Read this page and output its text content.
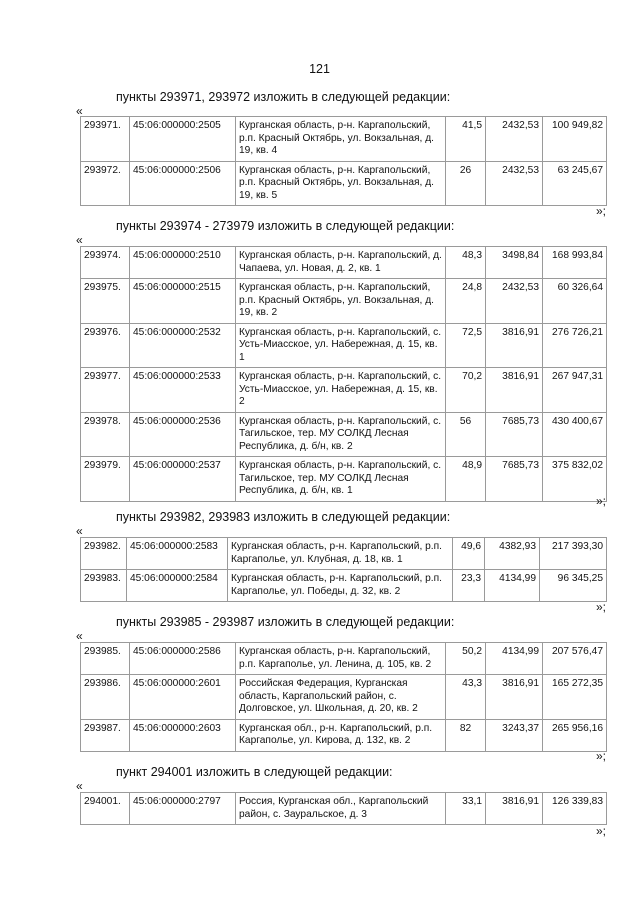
121
пункты 293971, 293972 изложить в следующей редакции:
«
293971.	45:06:000000:2505	Курганская область, р-н. Каргапольский, р.п. Красный Октябрь, ул. Вокзальная, д. 19, кв. 4	41,5	2432,53	100 949,82
293972.	45:06:000000:2506	Курганская область, р-н. Каргапольский, р.п. Красный Октябрь, ул. Вокзальная, д. 19, кв. 5	26	2432,53	63 245,67
»;
пункты 293974 - 273979 изложить в следующей редакции:
«
293974.	45:06:000000:2510	Курганская область, р-н. Каргапольский, д. Чапаева, ул. Новая, д. 2, кв. 1	48,3	3498,84	168 993,84
293975.	45:06:000000:2515	Курганская область, р-н. Каргапольский, р.п. Красный Октябрь, ул. Вокзальная, д. 19, кв. 2	24,8	2432,53	60 326,64
293976.	45:06:000000:2532	Курганская область, р-н. Каргапольский, с. Усть-Миасское, ул. Набережная, д. 15, кв. 1	72,5	3816,91	276 726,21
293977.	45:06:000000:2533	Курганская область, р-н. Каргапольский, с. Усть-Миасское, ул. Набережная, д. 15, кв. 2	70,2	3816,91	267 947,31
293978.	45:06:000000:2536	Курганская область, р-н. Каргапольский, с. Тагильское, тер. МУ СОЛКД Лесная Республика, д. б/н, кв. 2	56	7685,73	430 400,67
293979.	45:06:000000:2537	Курганская область, р-н. Каргапольский, с. Тагильское, тер. МУ СОЛКД Лесная Республика, д. б/н, кв. 1	48,9	7685,73	375 832,02
»;
пункты 293982, 293983 изложить в следующей редакции:
«
293982.	45:06:000000:2583	Курганская область, р-н. Каргапольский, р.п. Каргаполье, ул. Клубная, д. 18, кв. 1	49,6	4382,93	217 393,30
293983.	45:06:000000:2584	Курганская область, р-н. Каргапольский, р.п. Каргаполье, ул. Победы, д. 32, кв. 2	23,3	4134,99	96 345,25
»;
пункты 293985 - 293987 изложить в следующей редакции:
«
293985.	45:06:000000:2586	Курганская область, р-н. Каргапольский, р.п. Каргаполье, ул. Ленина, д. 105, кв. 2	50,2	4134,99	207 576,47
293986.	45:06:000000:2601	Российская Федерация, Курганская область, Каргапольский район, с. Долговское, ул. Школьная, д. 20, кв. 2	43,3	3816,91	165 272,35
293987.	45:06:000000:2603	Курганская обл., р-н. Каргапольский, р.п. Каргаполье, ул. Кирова, д. 132, кв. 2	82	3243,37	265 956,16
»;
пункт 294001 изложить в следующей редакции:
«
294001.	45:06:000000:2797	Россия, Курганская обл., Каргапольский район, с. Зауральское, д. 3	33,1	3816,91	126 339,83
»;
